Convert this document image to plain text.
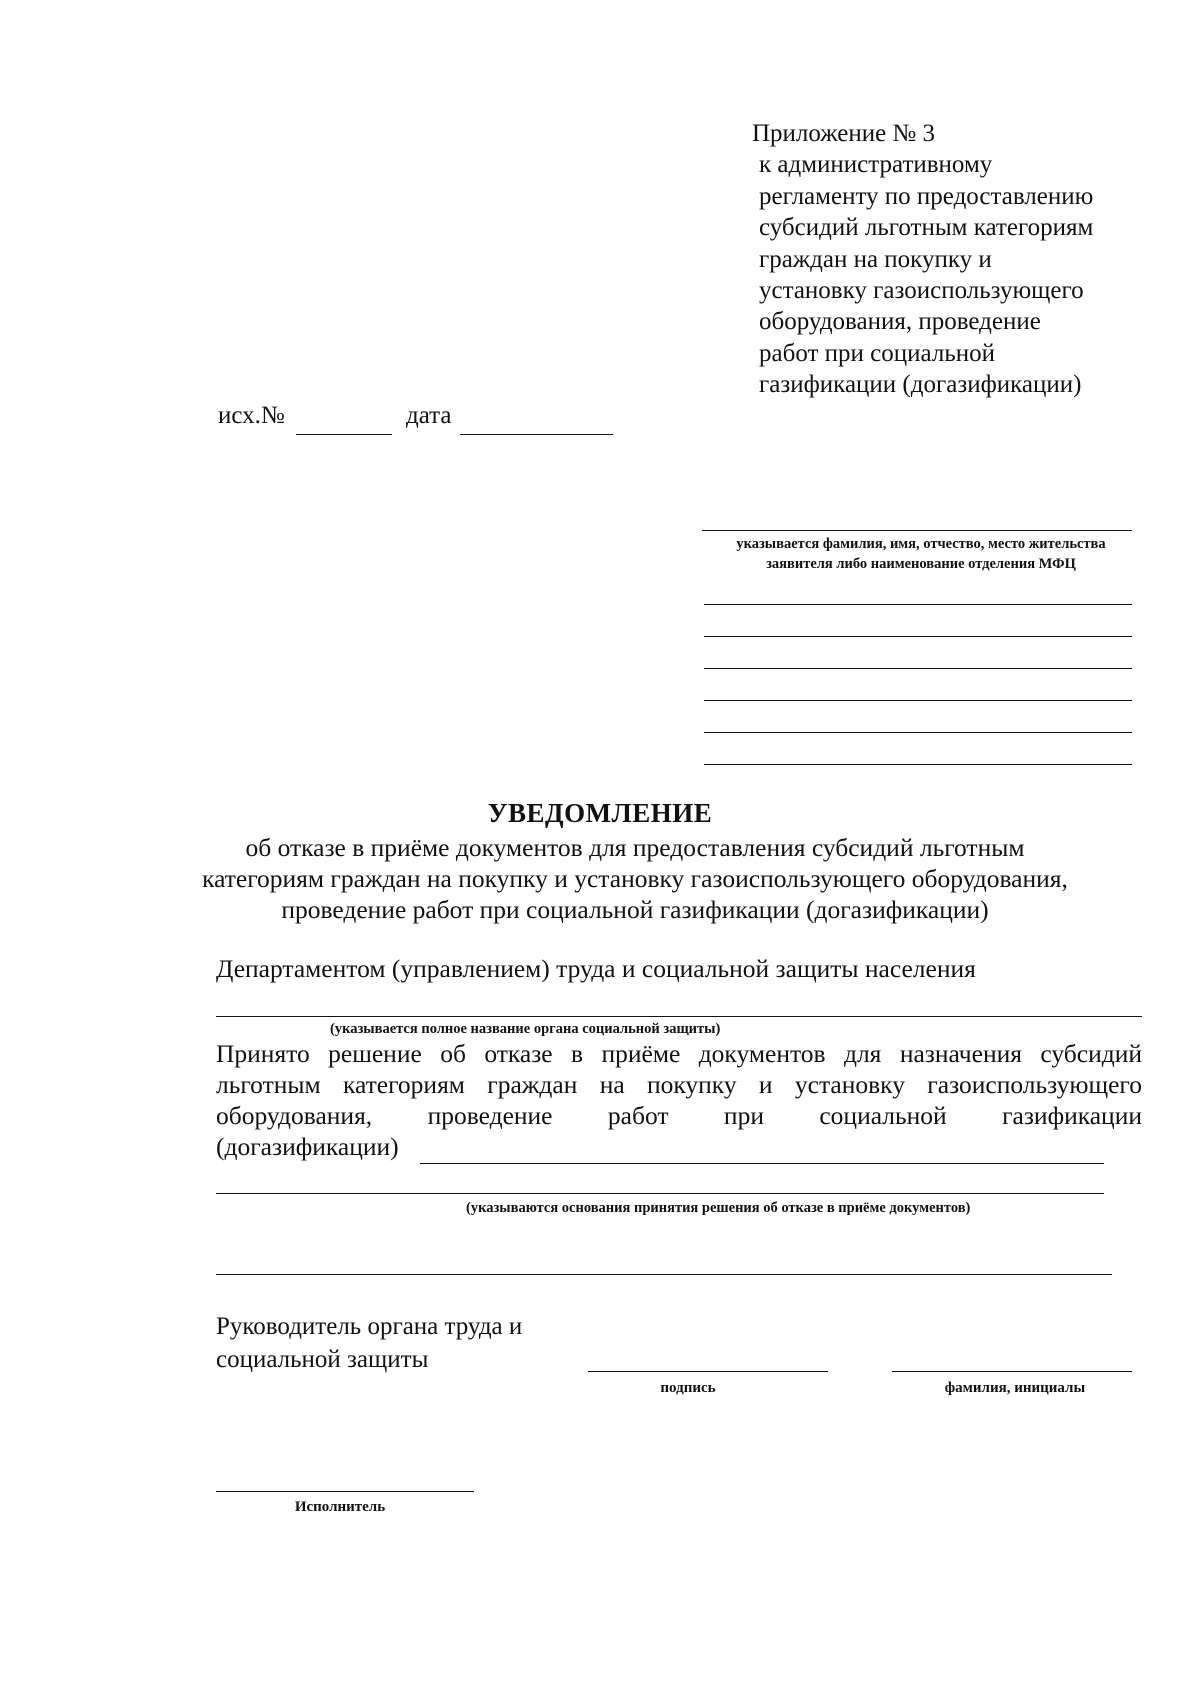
Приложение № 3
к административному
регламенту по предоставлению
субсидий льготным категориям
граждан на покупку и
установку газоиспользующего
оборудования, проведение
работ при социальной
газификации (догазификации)
исх.№	дата
указывается фамилия, имя, отчество, место жительства
заявителя либо наименование отделения МФЦ
УВЕДОМЛЕНИЕ
об отказе в приёме документов для предоставления субсидий льготным
категориям граждан на покупку и установку газоиспользующего оборудования,
проведение работ при социальной газификации (догазификации)
Департаментом (управлением) труда и социальной защиты населения
(указывается полное название органа социальной защиты)
Принято решение об отказе в приёме документов для назначения субсидий
льготным категориям граждан на покупку и установку газоиспользующего
оборудования, проведение работ при социальной газификации
(догазификации)
(указываются основания принятия решения об отказе в приёме документов)
Руководитель органа труда и
социальной защиты
подпись	фамилия, инициалы
Исполнитель
